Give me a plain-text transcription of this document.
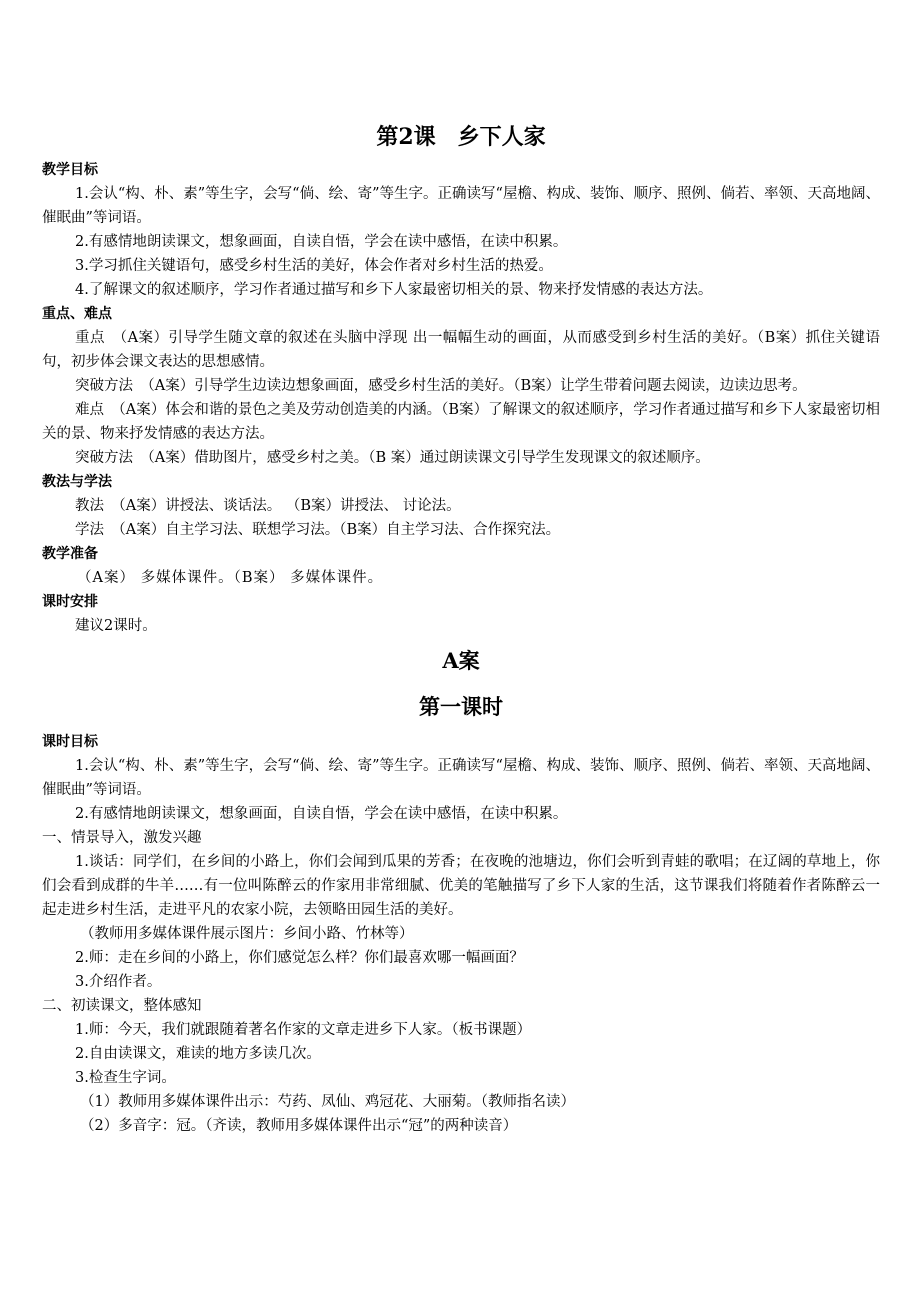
第2课　乡下人家
教学目标
1.会认“构、朴、素”等生字，会写“倘、绘、寄”等生字。正确读写“屋檐、构成、装饰、顺序、照例、倘若、率领、天高地阔、催眠曲”等词语。
2.有感情地朗读课文，想象画面，自读自悟，学会在读中感悟，在读中积累。
3.学习抓住关键语句，感受乡村生活的美好，体会作者对乡村生活的热爱。
4.了解课文的叙述顺序，学习作者通过描写和乡下人家最密切相关的景、物来抒发情感的表达方法。
重点、难点
重点　（A案）引导学生随文章的叙述在头脑中浮现 出一幅幅生动的画面，从而感受到乡村生活的美好。（B案）抓住关键语句，初步体会课文表达的思想感情。
突破方法　（A案）引导学生边读边想象画面，感受乡村生活的美好。（B案）让学生带着问题去阅读，边读边思考。
难点　（A案）体会和谐的景色之美及劳动创造美的内涵。（B案）了解课文的叙述顺序，学习作者通过描写和乡下人家最密切相关的景、物来抒发情感的表达方法。
突破方法　（A案）借助图片，感受乡村之美。（B 案）通过朗读课文引导学生发现课文的叙述顺序。
教法与学法
教法　（A案）讲授法、谈话法。 （B案）讲授法、 讨论法。
学法　（A案）自主学习法、联想学习法。（B案）自主学习法、合作探究法。
教学准备
（A案） 多媒体课件。（B案） 多媒体课件。
课时安排
建议2课时。
A案
第一课时
课时目标
1.会认“构、朴、素”等生字，会写“倘、绘、寄”等生字。正确读写“屋檐、构成、装饰、顺序、照例、倘若、率领、天高地阔、催眠曲”等词语。
2.有感情地朗读课文，想象画面，自读自悟，学会在读中感悟，在读中积累。
一、情景导入，激发兴趣
1.谈话：同学们，在乡间的小路上，你们会闻到瓜果的芳香；在夜晚的池塘边，你们会听到青蛙的歌唱；在辽阔的草地上，你们会看到成群的牛羊……有一位叫陈醉云的作家用非常细腻、优美的笔触描写了乡下人家的生活，这节课我们将随着作者陈醉云一起走进乡村生活，走进平凡的农家小院，去领略田园生活的美好。
（教师用多媒体课件展示图片：乡间小路、竹林等）
2.师：走在乡间的小路上，你们感觉怎么样？你们最喜欢哪一幅画面？
3.介绍作者。
二、初读课文，整体感知
1.师：今天，我们就跟随着著名作家的文章走进乡下人家。（板书课题）
2.自由读课文，难读的地方多读几次。
3.检查生字词。
（1）教师用多媒体课件出示：芍药、凤仙、鸡冠花、大丽菊。（教师指名读）
（2）多音字：冠。（齐读，教师用多媒体课件出示“冠”的两种读音）
